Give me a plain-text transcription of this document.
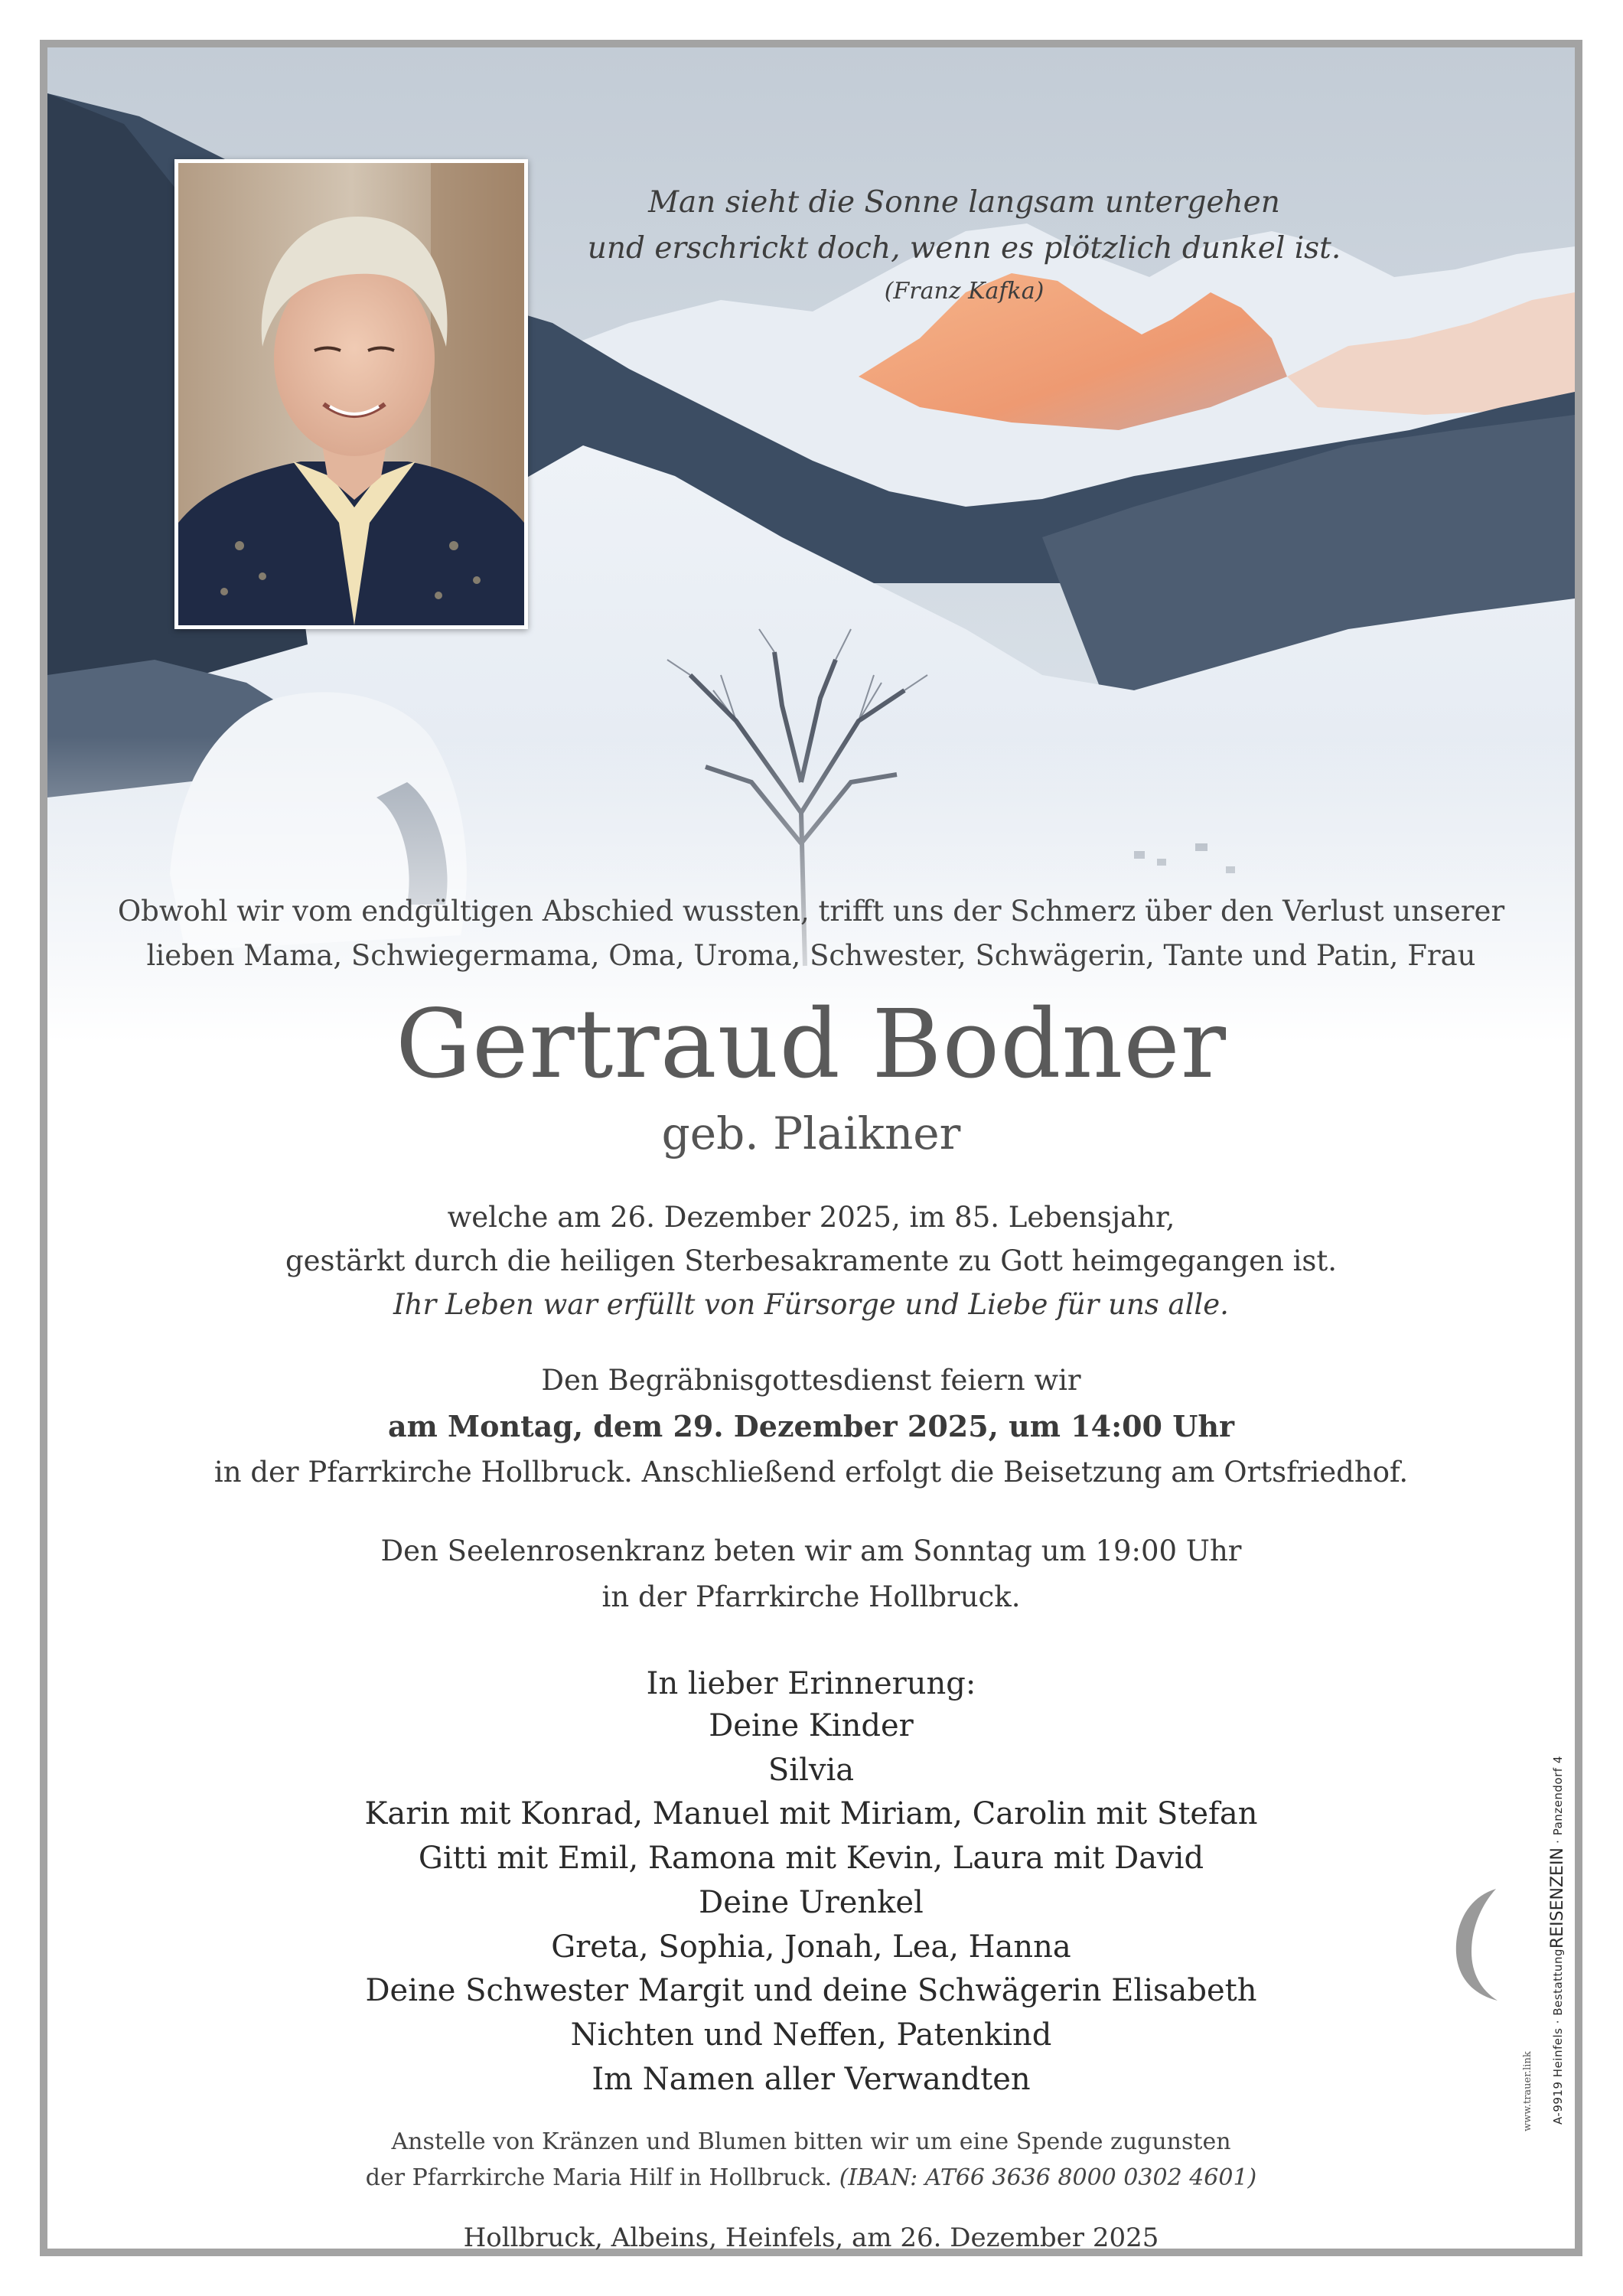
Man sieht die Sonne langsam untergehen
und erschrickt doch, wenn es plötzlich dunkel ist.
(Franz Kafka)
Obwohl wir vom endgültigen Abschied wussten, trifft uns der Schmerz über den Verlust unserer
lieben Mama, Schwiegermama, Oma, Uroma, Schwester, Schwägerin, Tante und Patin, Frau
Gertraud Bodner
geb. Plaikner
welche am 26. Dezember 2025, im 85. Lebensjahr,
gestärkt durch die heiligen Sterbesakramente zu Gott heimgegangen ist.
Ihr Leben war erfüllt von Fürsorge und Liebe für uns alle.
Den Begräbnisgottesdienst feiern wir
am Montag, dem 29. Dezember 2025, um 14:00 Uhr
in der Pfarrkirche Hollbruck. Anschließend erfolgt die Beisetzung am Ortsfriedhof.
Den Seelenrosenkranz beten wir am Sonntag um 19:00 Uhr
in der Pfarrkirche Hollbruck.
In lieber Erinnerung:
Deine Kinder
Silvia
Karin mit Konrad, Manuel mit Miriam, Carolin mit Stefan
Gitti mit Emil, Ramona mit Kevin, Laura mit David
Deine Urenkel
Greta, Sophia, Jonah, Lea, Hanna
Deine Schwester Margit und deine Schwägerin Elisabeth
Nichten und Neffen, Patenkind
Im Namen aller Verwandten
Anstelle von Kränzen und Blumen bitten wir um eine Spende zugunsten
der Pfarrkirche Maria Hilf in Hollbruck. (IBAN: AT66 3636 8000 0302 4601)
Hollbruck, Albeins, Heinfels, am 26. Dezember 2025
A-9919 Heinfels · BestattungREISENZEIN · Panzendorf 4
www.trauer.link
